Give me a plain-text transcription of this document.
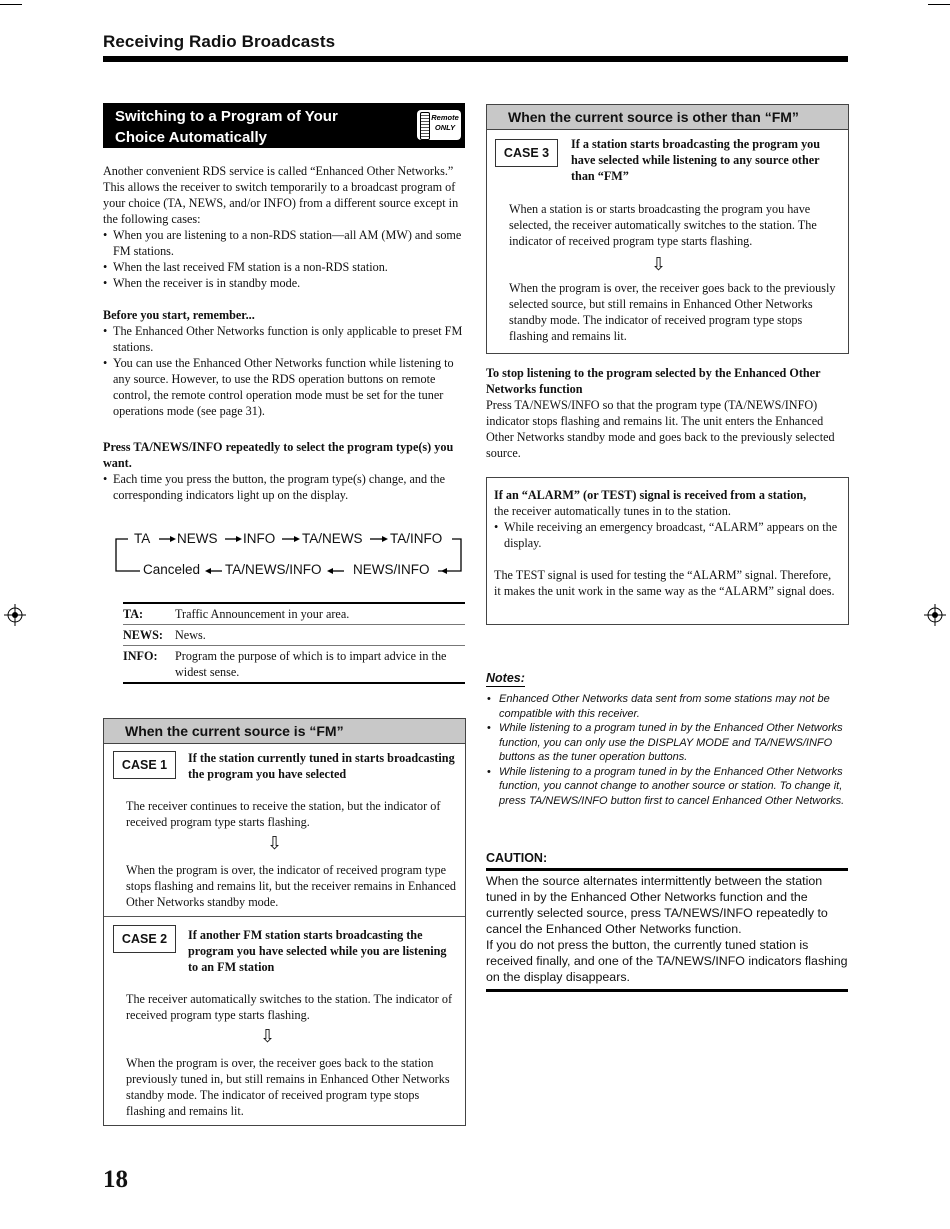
Receiving Radio Broadcasts
Switching to a Program of Your
Choice Automatically
Remote
ONLY
Another convenient RDS service is called “Enhanced Other Networks.”
This allows the receiver to switch temporarily to a broadcast program of your choice (TA, NEWS, and/or INFO) from a different source except in the following cases:
• When you are listening to a non-RDS station—all AM (MW) and some FM stations.
• When the last received FM station is a non-RDS station.
• When the receiver is in standby mode.
Before you start, remember...
• The Enhanced Other Networks function is only applicable to preset FM stations.
• You can use the Enhanced Other Networks function while listening to any source. However, to use the RDS operation buttons on remote control, the remote control operation mode must be set for the tuner operations mode (see page 31).
Press TA/NEWS/INFO repeatedly to select the program type(s) you want.
• Each time you press the button, the program type(s) change, and the corresponding indicators light up on the display.
TA NEWS INFO TA/NEWS TA/INFO
Canceled TA/NEWS/INFO NEWS/INFO
TA:	Traffic Announcement in your area.
NEWS: News.
INFO:	Program the purpose of which is to impart advice in the widest sense.
When the current source is “FM”
CASE 1	If the station currently tuned in starts broadcasting the program you have selected
The receiver continues to receive the station, but the indicator of received program type starts flashing.
⇩
When the program is over, the indicator of received program type stops flashing and remains lit, but the receiver remains in Enhanced Other Networks standby mode.
CASE 2	If another FM station starts broadcasting the program you have selected while you are listening to an FM station
The receiver automatically switches to the station. The indicator of received program type starts flashing.
⇩
When the program is over, the receiver goes back to the station previously tuned in, but still remains in Enhanced Other Networks standby mode. The indicator of received program type stops flashing and remains lit.
When the current source is other than “FM”
CASE 3
If a station starts broadcasting the program you have selected while listening to any source other than “FM”
When a station is or starts broadcasting the program you have selected, the receiver automatically switches to the station. The indicator of received program type starts flashing.
⇩
When the program is over, the receiver goes back to the previously selected source, but still remains in Enhanced Other Networks standby mode. The indicator of received program type stops flashing and remains lit.
To stop listening to the program selected by the Enhanced Other Networks function
Press TA/NEWS/INFO so that the program type (TA/NEWS/INFO) indicator stops flashing and remains lit. The unit enters the Enhanced Other Networks standby mode and goes back to the previously selected source.
If an “ALARM” (or TEST) signal is received from a station,
the receiver automatically tunes in to the station.
• While receiving an emergency broadcast, “ALARM” appears on the display.
The TEST signal is used for testing the “ALARM” signal. Therefore, it makes the unit work in the same way as the “ALARM” signal does.
Notes:
• Enhanced Other Networks data sent from some stations may not be compatible with this receiver.
• While listening to a program tuned in by the Enhanced Other Networks function, you can only use the DISPLAY MODE and TA/NEWS/INFO buttons as the tuner operation buttons.
• While listening to a program tuned in by the Enhanced Other Networks function, you cannot change to another source or station. To change it, press TA/NEWS/INFO button first to cancel Enhanced Other Networks.
CAUTION:
When the source alternates intermittently between the station tuned in by the Enhanced Other Networks function and the currently selected source, press TA/NEWS/INFO repeatedly to cancel the Enhanced Other Networks function.
If you do not press the button, the currently tuned station is received finally, and one of the TA/NEWS/INFO indicators flashing on the display disappears.
18
